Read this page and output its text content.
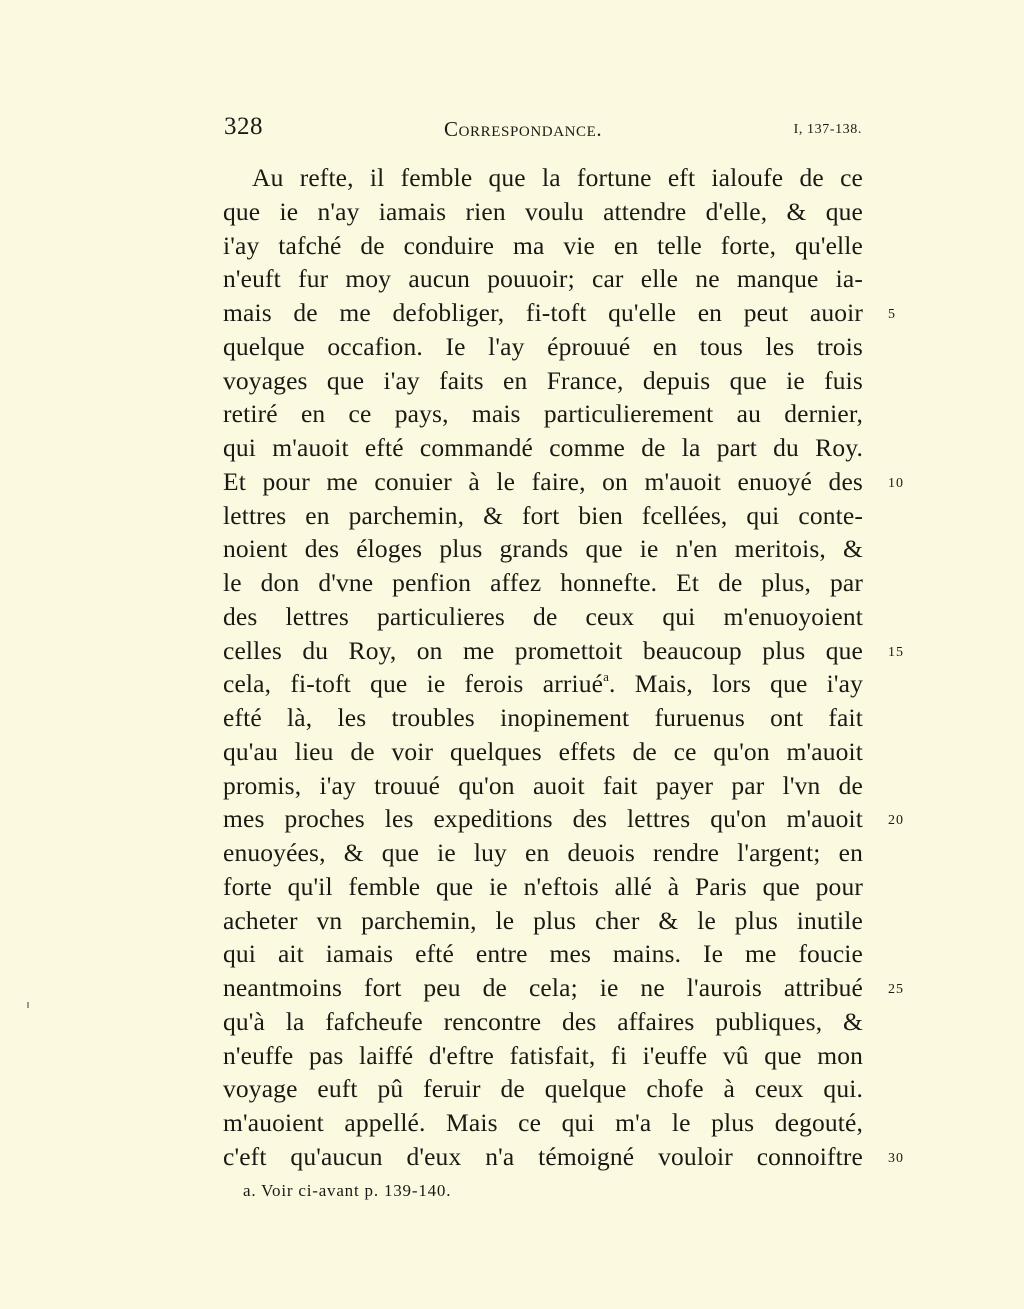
328	Correspondance.	I, 137-138.
Au refte, il femble que la fortune eft ialoufe de ce
que ie n'ay iamais rien voulu attendre d'elle, & que
i'ay tafché de conduire ma vie en telle forte, qu'elle
n'euft fur moy aucun pouuoir; car elle ne manque ia-
mais de me defobliger, fi-toft qu'elle en peut auoir 5
quelque occafion. Ie l'ay éprouué en tous les trois
voyages que i'ay faits en France, depuis que ie fuis
retiré en ce pays, mais particulierement au dernier,
qui m'auoit efté commandé comme de la part du Roy.
Et pour me conuier à le faire, on m'auoit enuoyé des 10
lettres en parchemin, & fort bien fcellées, qui conte-
noient des éloges plus grands que ie n'en meritois, &
le don d'vne penfion affez honnefte. Et de plus, par
des lettres particulieres de ceux qui m'enuoyoient
celles du Roy, on me promettoit beaucoup plus que 15
cela, fi-toft que ie ferois arriué$^a$. Mais, lors que i'ay
efté là, les troubles inopinement furuenus ont fait
qu'au lieu de voir quelques effets de ce qu'on m'auoit
promis, i'ay trouué qu'on auoit fait payer par l'vn de
mes proches les expeditions des lettres qu'on m'auoit 20
enuoyées, & que ie luy en deuois rendre l'argent; en
forte qu'il femble que ie n'eftois allé à Paris que pour
acheter vn parchemin, le plus cher & le plus inutile
qui ait iamais efté entre mes mains. Ie me foucie
neantmoins fort peu de cela; ie ne l'aurois attribué 25
qu'à la fafcheufe rencontre des affaires publiques, &
n'euffe pas laiffé d'eftre fatisfait, fi i'euffe vû que mon
voyage euft pû feruir de quelque chofe à ceux qui.
m'auoient appellé. Mais ce qui m'a le plus degouté,
c'eft qu'aucun d'eux n'a témoigné vouloir connoiftre 30
a. Voir ci-avant p. 139-140.
